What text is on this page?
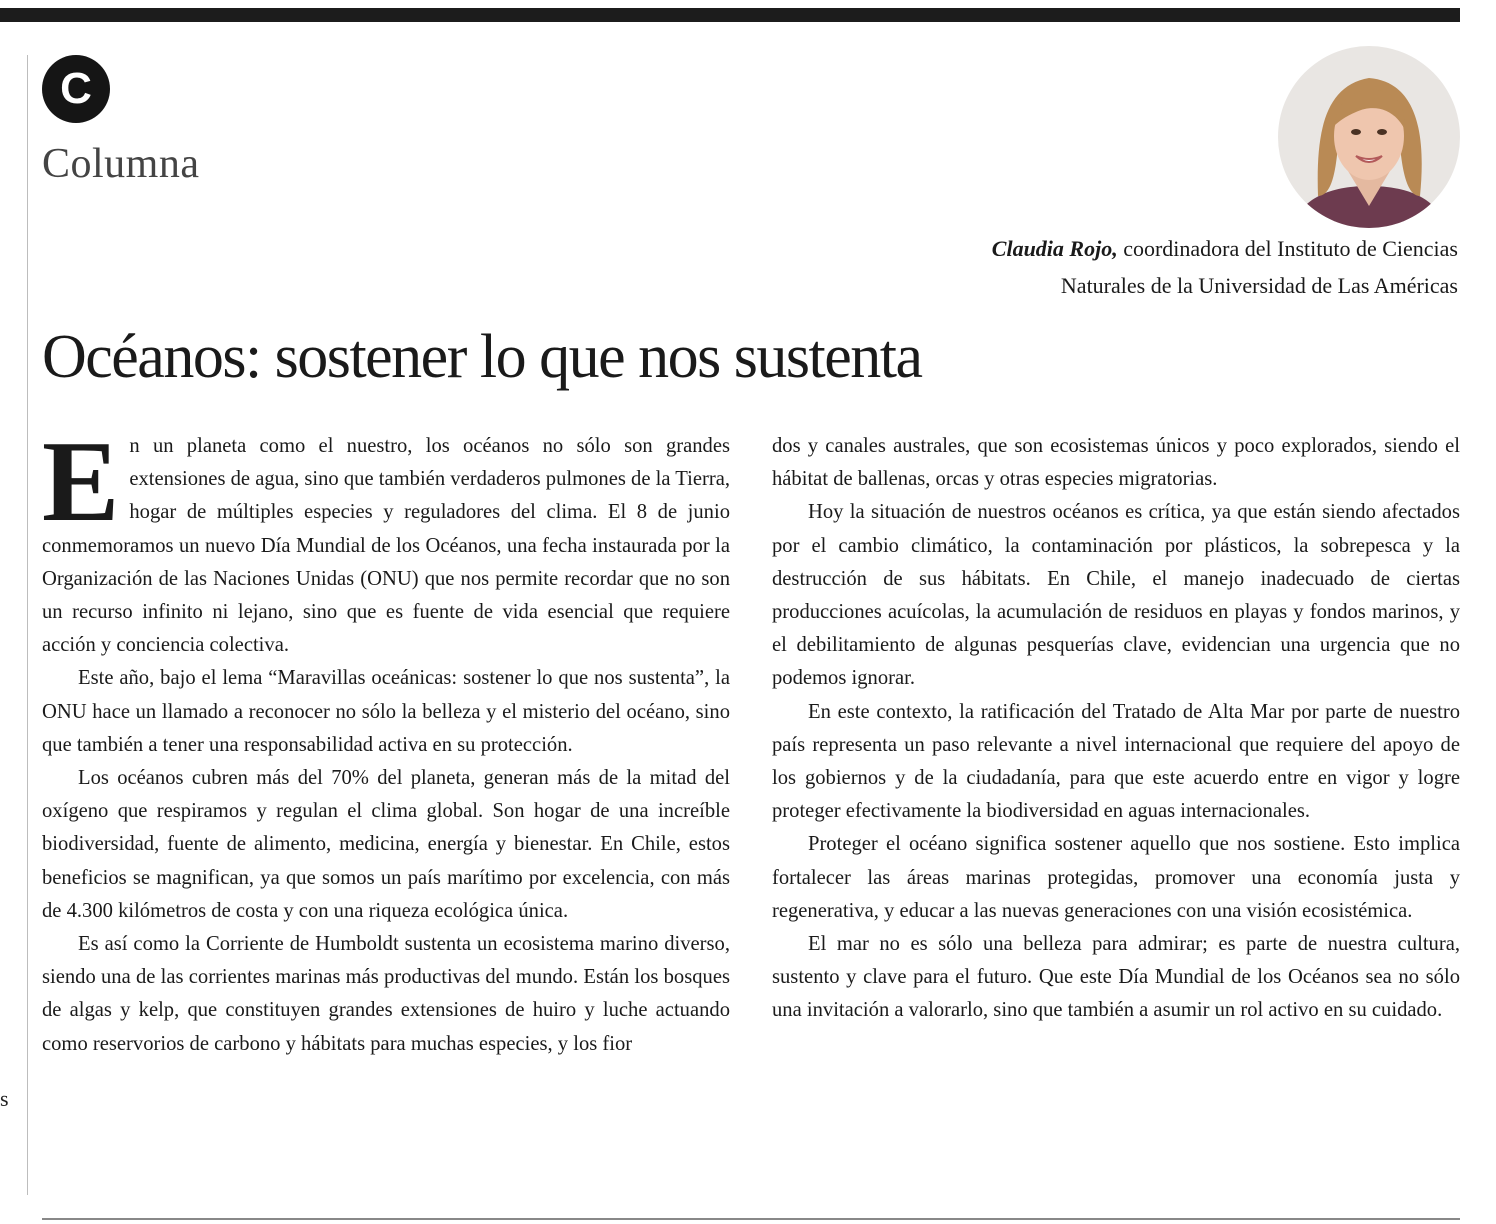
s
C
Columna
Claudia Rojo, coordinadora del Instituto de Ciencias
Naturales de la Universidad de Las Américas
Océanos: sostener lo que nos sustenta

En un planeta como el nuestro, los océanos no sólo son grandes extensiones de agua, sino que también verdaderos pulmones de la Tierra, hogar de múltiples especies y reguladores del clima. El 8 de junio conmemoramos un nuevo Día Mundial de los Océanos, una fecha instaurada por la Organización de las Naciones Unidas (ONU) que nos permite recordar que no son un recurso infinito ni lejano, sino que es fuente de vida esencial que requiere acción y conciencia colectiva.

Este año, bajo el lema “Maravillas oceánicas: sostener lo que nos sustenta”, la ONU hace un llamado a reconocer no sólo la belleza y el misterio del océano, sino que también a tener una responsabilidad activa en su protección.

Los océanos cubren más del 70% del planeta, generan más de la mitad del oxígeno que respiramos y regulan el clima global. Son hogar de una increíble biodiversidad, fuente de alimento, medicina, energía y bienestar. En Chile, estos beneficios se magnifican, ya que somos un país marítimo por excelencia, con más de 4.300 kilómetros de costa y con una riqueza ecológica única.

Es así como la Corriente de Humboldt sustenta un ecosistema marino diverso, siendo una de las corrientes marinas más productivas del mundo. Están los bosques de algas y kelp, que constituyen grandes extensiones de huiro y luche actuando como reservorios de carbono y hábitats para muchas especies, y los fior

dos y canales australes, que son ecosistemas únicos y poco explorados, siendo el hábitat de ballenas, orcas y otras especies migratorias.

Hoy la situación de nuestros océanos es crítica, ya que están siendo afectados por el cambio climático, la contaminación por plásticos, la sobrepesca y la destrucción de sus hábitats. En Chile, el manejo inadecuado de ciertas producciones acuícolas, la acumulación de residuos en playas y fondos marinos, y el debilitamiento de algunas pesquerías clave, evidencian una urgencia que no podemos ignorar.

En este contexto, la ratificación del Tratado de Alta Mar por parte de nuestro país representa un paso relevante a nivel internacional que requiere del apoyo de los gobiernos y de la ciudadanía, para que este acuerdo entre en vigor y logre proteger efectivamente la biodiversidad en aguas internacionales.

Proteger el océano significa sostener aquello que nos sostiene. Esto implica fortalecer las áreas marinas protegidas, promover una economía justa y regenerativa, y educar a las nuevas generaciones con una visión ecosistémica.

El mar no es sólo una belleza para admirar; es parte de nuestra cultura, sustento y clave para el futuro. Que este Día Mundial de los Océanos sea no sólo una invitación a valorarlo, sino que también a asumir un rol activo en su cuidado.
